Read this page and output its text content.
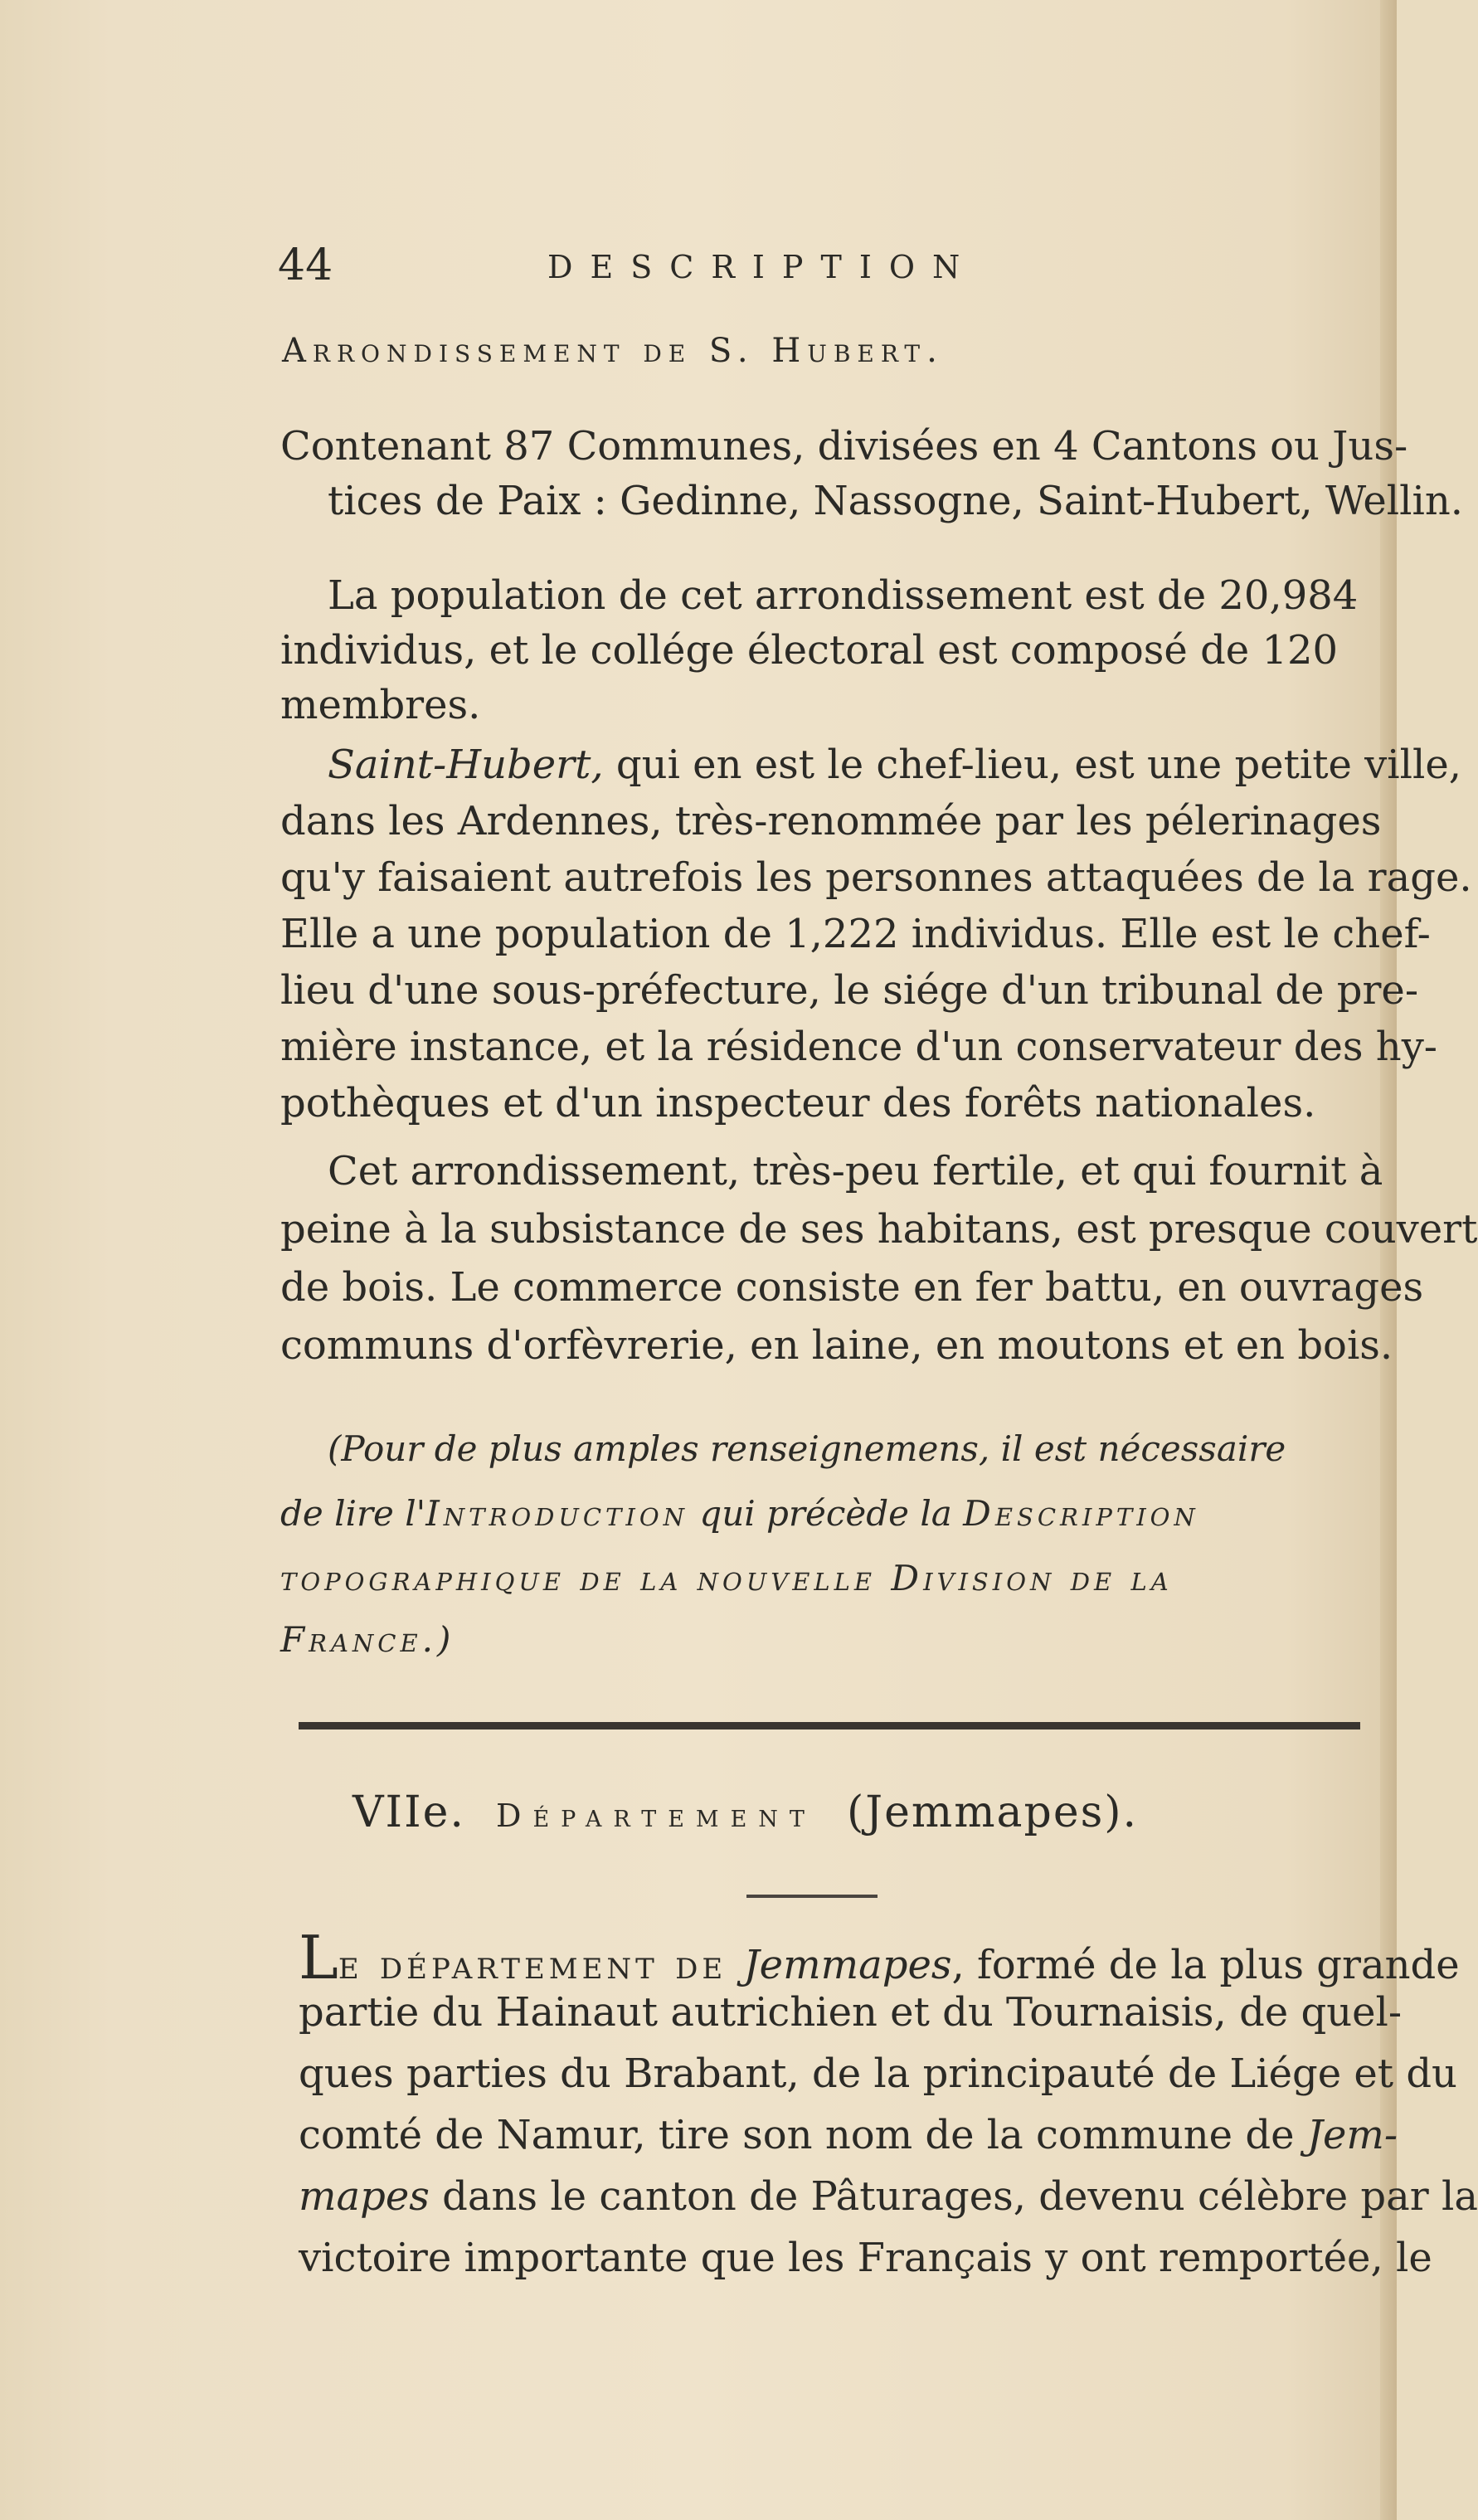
44	DESCRIPTION
Arrondissement de S. Hubert.
Contenant 87 Communes, divisées en 4 Cantons ou Jus-
tices de Paix : Gedinne, Nassogne, Saint-Hubert, Wellin.
La population de cet arrondissement est de 20,984
individus, et le collége électoral est composé de 120
membres.
Saint-Hubert, qui en est le chef-lieu, est une petite ville,
dans les Ardennes, très-renommée par les pélerinages
qu'y faisaient autrefois les personnes attaquées de la rage.
Elle a une population de 1,222 individus. Elle est le chef-
lieu d'une sous-préfecture, le siége d'un tribunal de pre-
mière instance, et la résidence d'un conservateur des hy-
pothèques et d'un inspecteur des forêts nationales.
Cet arrondissement, très-peu fertile, et qui fournit à
peine à la subsistance de ses habitans, est presque couvert
de bois. Le commerce consiste en fer battu, en ouvrages
communs d'orfèvrerie, en laine, en moutons et en bois.
(Pour de plus amples renseignemens, il est nécessaire
de lire l'Introduction qui précède la Description
topographique de la nouvelle Division de la
France.)
VIIe. Département (Jemmapes).
Le département de Jemmapes, formé de la plus grande
partie du Hainaut autrichien et du Tournaisis, de quel-
ques parties du Brabant, de la principauté de Liége et du
comté de Namur, tire son nom de la commune de Jem-
mapes dans le canton de Pâturages, devenu célèbre par la
victoire importante que les Français y ont remportée, le
